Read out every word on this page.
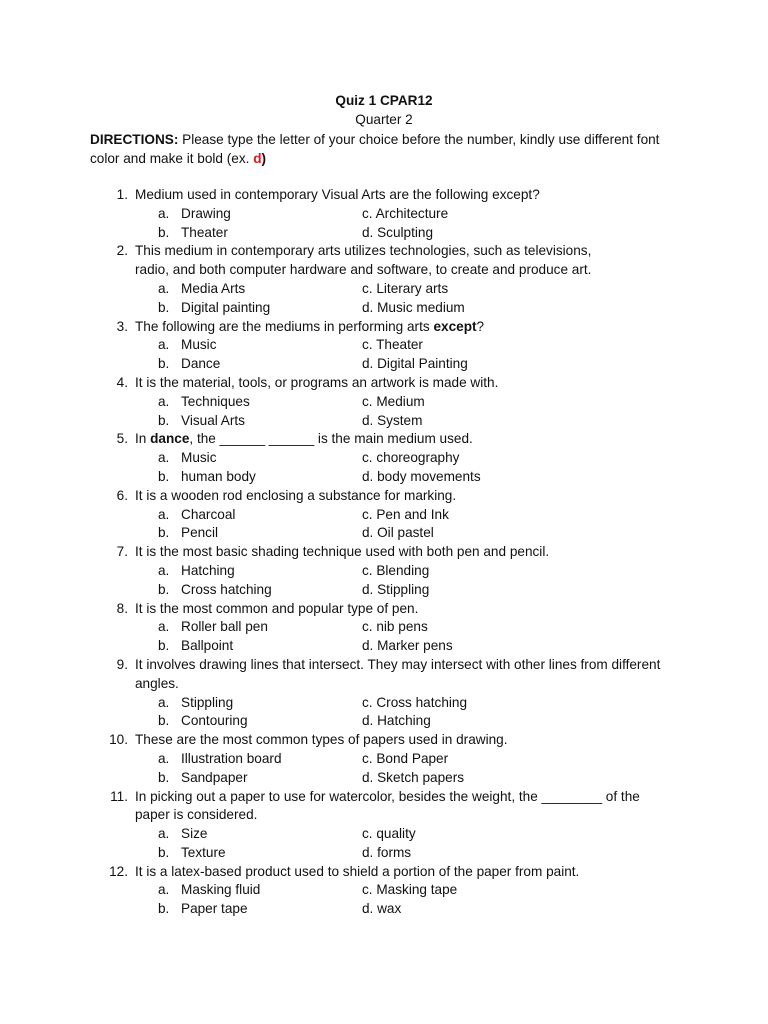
Quiz 1 CPAR12
Quarter 2
DIRECTIONS: Please type the letter of your choice before the number, kindly use different font color and make it bold (ex. d)
1. Medium used in contemporary Visual Arts are the following except?
a. Drawing	c. Architecture
b. Theater	d. Sculpting
2. This medium in contemporary arts utilizes technologies, such as televisions,
radio, and both computer hardware and software, to create and produce art.
a. Media Arts	c. Literary arts
b. Digital painting	d. Music medium
3. The following are the mediums in performing arts except?
a. Music	c. Theater
b. Dance	d. Digital Painting
4. It is the material, tools, or programs an artwork is made with.
a. Techniques	c. Medium
b. Visual Arts	d. System
5. In dance, the ______ ______ is the main medium used.
a. Music	c. choreography
b. human body	d. body movements
6. It is a wooden rod enclosing a substance for marking.
a. Charcoal	c. Pen and Ink
b. Pencil	d. Oil pastel
7. It is the most basic shading technique used with both pen and pencil.
a. Hatching	c. Blending
b. Cross hatching	d. Stippling
8. It is the most common and popular type of pen.
a. Roller ball pen	c. nib pens
b. Ballpoint	d. Marker pens
9. It involves drawing lines that intersect. They may intersect with other lines from different
angles.
a. Stippling	c. Cross hatching
b. Contouring	d. Hatching
10. These are the most common types of papers used in drawing.
a. Illustration board	c. Bond Paper
b. Sandpaper	d. Sketch papers
11. In picking out a paper to use for watercolor, besides the weight, the ________ of the
paper is considered.
a. Size	c. quality
b. Texture	d. forms
12. It is a latex-based product used to shield a portion of the paper from paint.
a. Masking fluid	c. Masking tape
b. Paper tape	d. wax
